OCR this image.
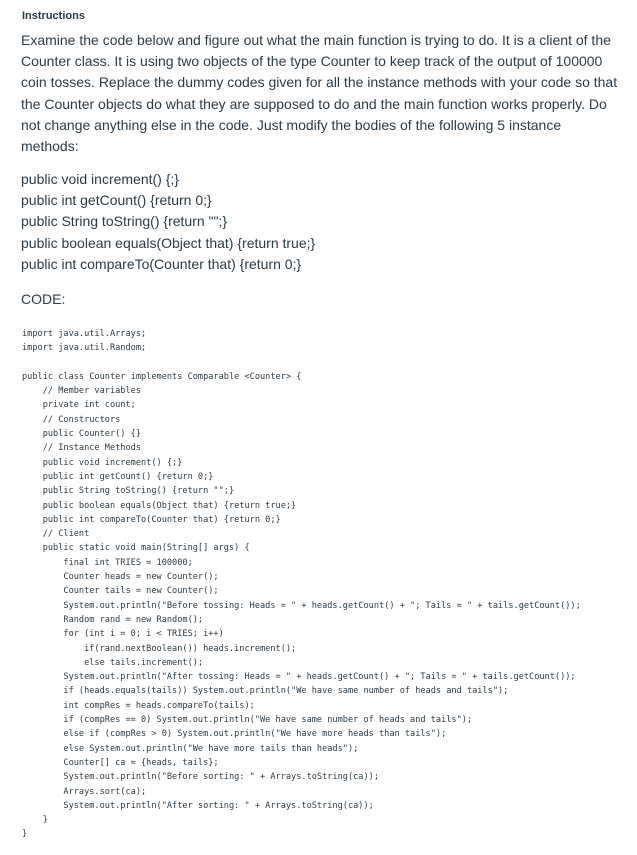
Instructions

Examine the code below and figure out what the main function is trying to do. It is a client of the Counter class. It is using two objects of the type Counter to keep track of the output of 100000 coin tosses. Replace the dummy codes given for all the instance methods with your code so that the Counter objects do what they are supposed to do and the main function works properly. Do not change anything else in the code. Just modify the bodies of the following 5 instance methods:

public void increment() {;}
public int getCount() {return 0;}
public String toString() {return "";}
public boolean equals(Object that) {return true;}
public int compareTo(Counter that) {return 0;}
CODE:
import java.util.Arrays;
import java.util.Random;
public class Counter implements Comparable <Counter> {
// Member variables
private int count;
// Constructors
public Counter() {}
// Instance Methods
public void increment() {;}
public int getCount() {return 0;}
public String toString() {return "";}
public boolean equals(Object that) {return true;}
public int compareTo(Counter that) {return 0;}
// Client
public static void main(String[] args) {
final int TRIES = 100000;
Counter heads = new Counter();
Counter tails = new Counter();
System.out.println("Before tossing: Heads = " + heads.getCount() + "; Tails = " + tails.getCount());
Random rand = new Random();
for (int i = 0; i < TRIES; i++)
if(rand.nextBoolean()) heads.increment();
else tails.increment();
System.out.println("After tossing: Heads = " + heads.getCount() + "; Tails = " + tails.getCount());
if (heads.equals(tails)) System.out.println("We have same number of heads and tails");
int compRes = heads.compareTo(tails);
if (compRes == 0) System.out.println("We have same number of heads and tails");
else if (compRes > 0) System.out.println("We have more heads than tails");
else System.out.println("We have more tails than heads");
Counter[] ca = {heads, tails};
System.out.println("Before sorting: " + Arrays.toString(ca));
Arrays.sort(ca);
System.out.println("After sorting: " + Arrays.toString(ca));
}
}
